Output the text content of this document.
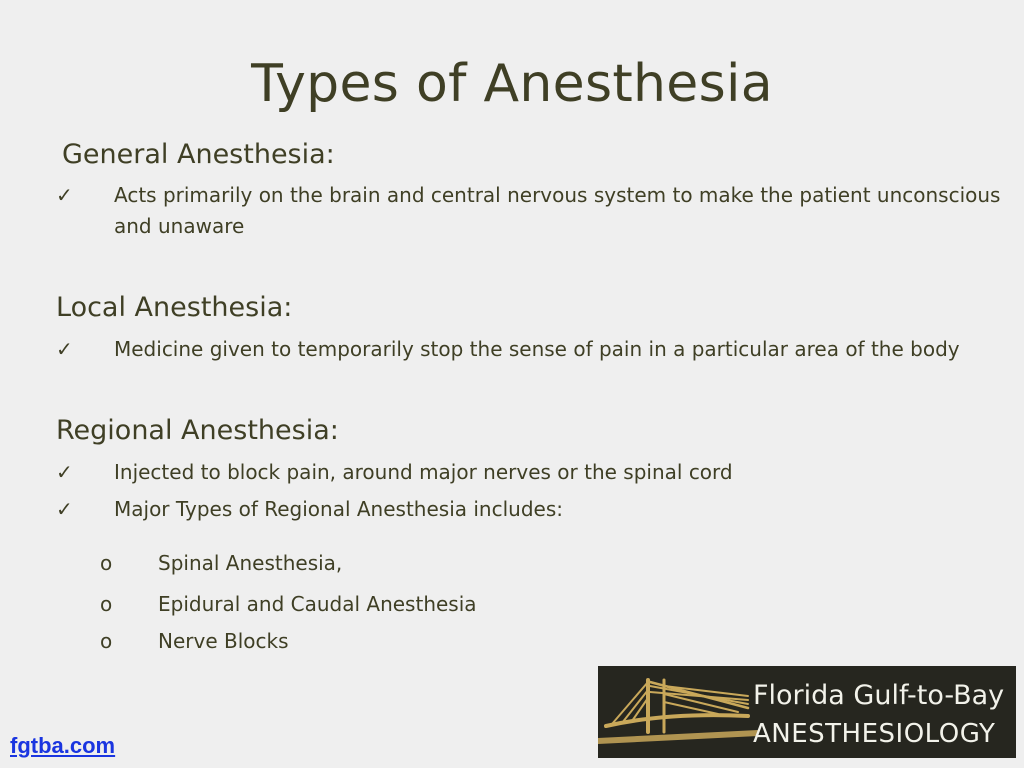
Types of Anesthesia
General Anesthesia:
✓ Acts primarily on the brain and central nervous system to make the patient unconscious and unaware
Local Anesthesia:
✓ Medicine given to temporarily stop the sense of pain in a particular area of the body
Regional Anesthesia:
✓ Injected to block pain, around major nerves or the spinal cord
✓ Major Types of Regional Anesthesia includes:
o Spinal Anesthesia,
o Epidural and Caudal Anesthesia
o Nerve Blocks
Florida Gulf-to-Bay
ANESTHESIOLOGY
fgtba.com
